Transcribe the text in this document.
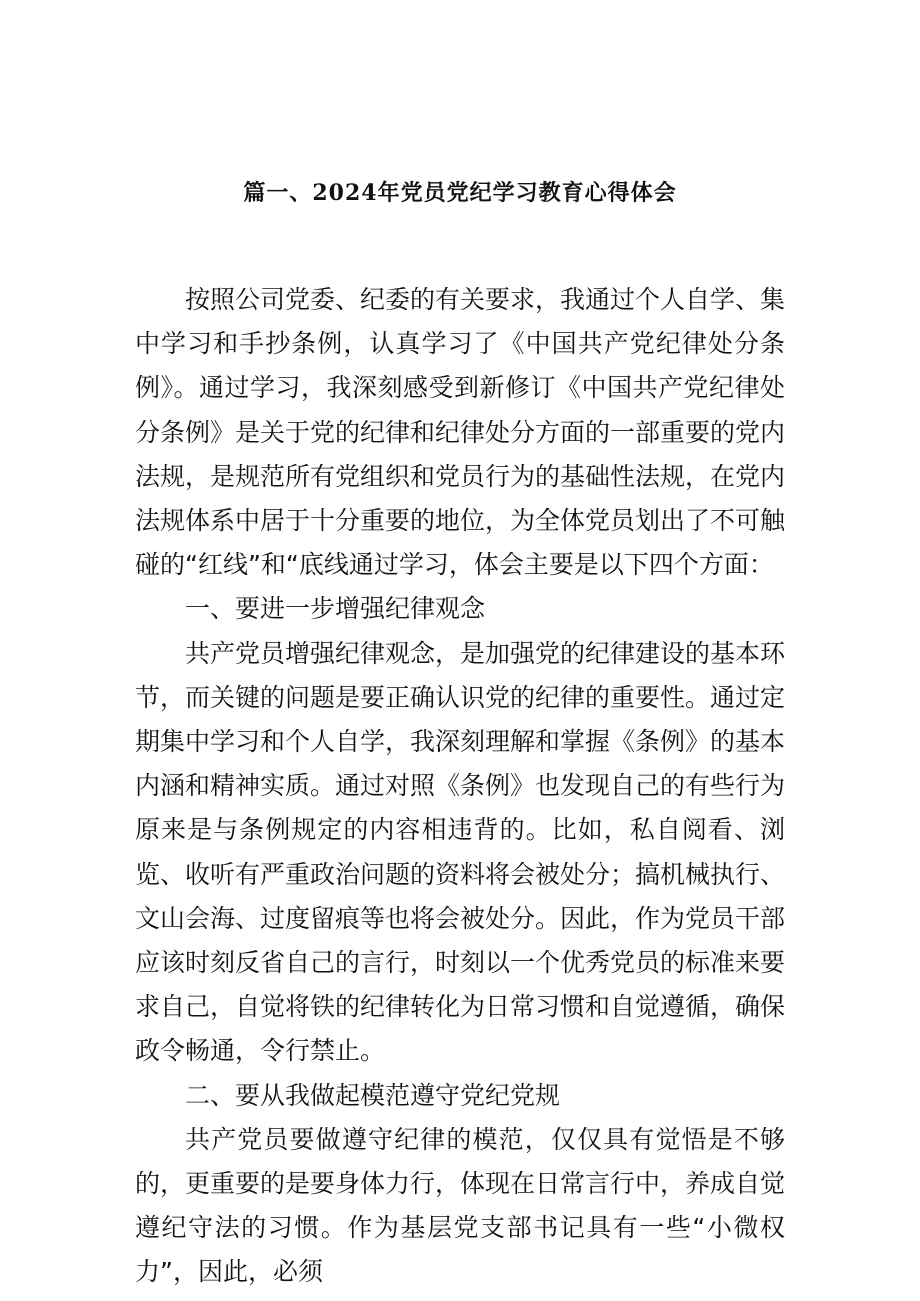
篇一、2024年党员党纪学习教育心得体会

按照公司党委、纪委的有关要求，我通过个人自学、集中学习和手抄条例，认真学习了《中国共产党纪律处分条例》。通过学习，我深刻感受到新修订《中国共产党纪律处分条例》是关于党的纪律和纪律处分方面的一部重要的党内法规，是规范所有党组织和党员行为的基础性法规，在党内法规体系中居于十分重要的地位，为全体党员划出了不可触碰的“红线”和“底线通过学习，体会主要是以下四个方面：

一、要进一步增强纪律观念

共产党员增强纪律观念，是加强党的纪律建设的基本环节，而关键的问题是要正确认识党的纪律的重要性。通过定期集中学习和个人自学，我深刻理解和掌握《条例》的基本内涵和精神实质。通过对照《条例》也发现自己的有些行为原来是与条例规定的内容相违背的。比如，私自阅看、浏览、收听有严重政治问题的资料将会被处分；搞机械执行、文山会海、过度留痕等也将会被处分。因此，作为党员干部应该时刻反省自己的言行，时刻以一个优秀党员的标准来要求自己，自觉将铁的纪律转化为日常习惯和自觉遵循，确保政令畅通，令行禁止。

二、要从我做起模范遵守党纪党规

共产党员要做遵守纪律的模范，仅仅具有觉悟是不够的，更重要的是要身体力行，体现在日常言行中，养成自觉遵纪守法的习惯。作为基层党支部书记具有一些“小微权力”，因此，必须
